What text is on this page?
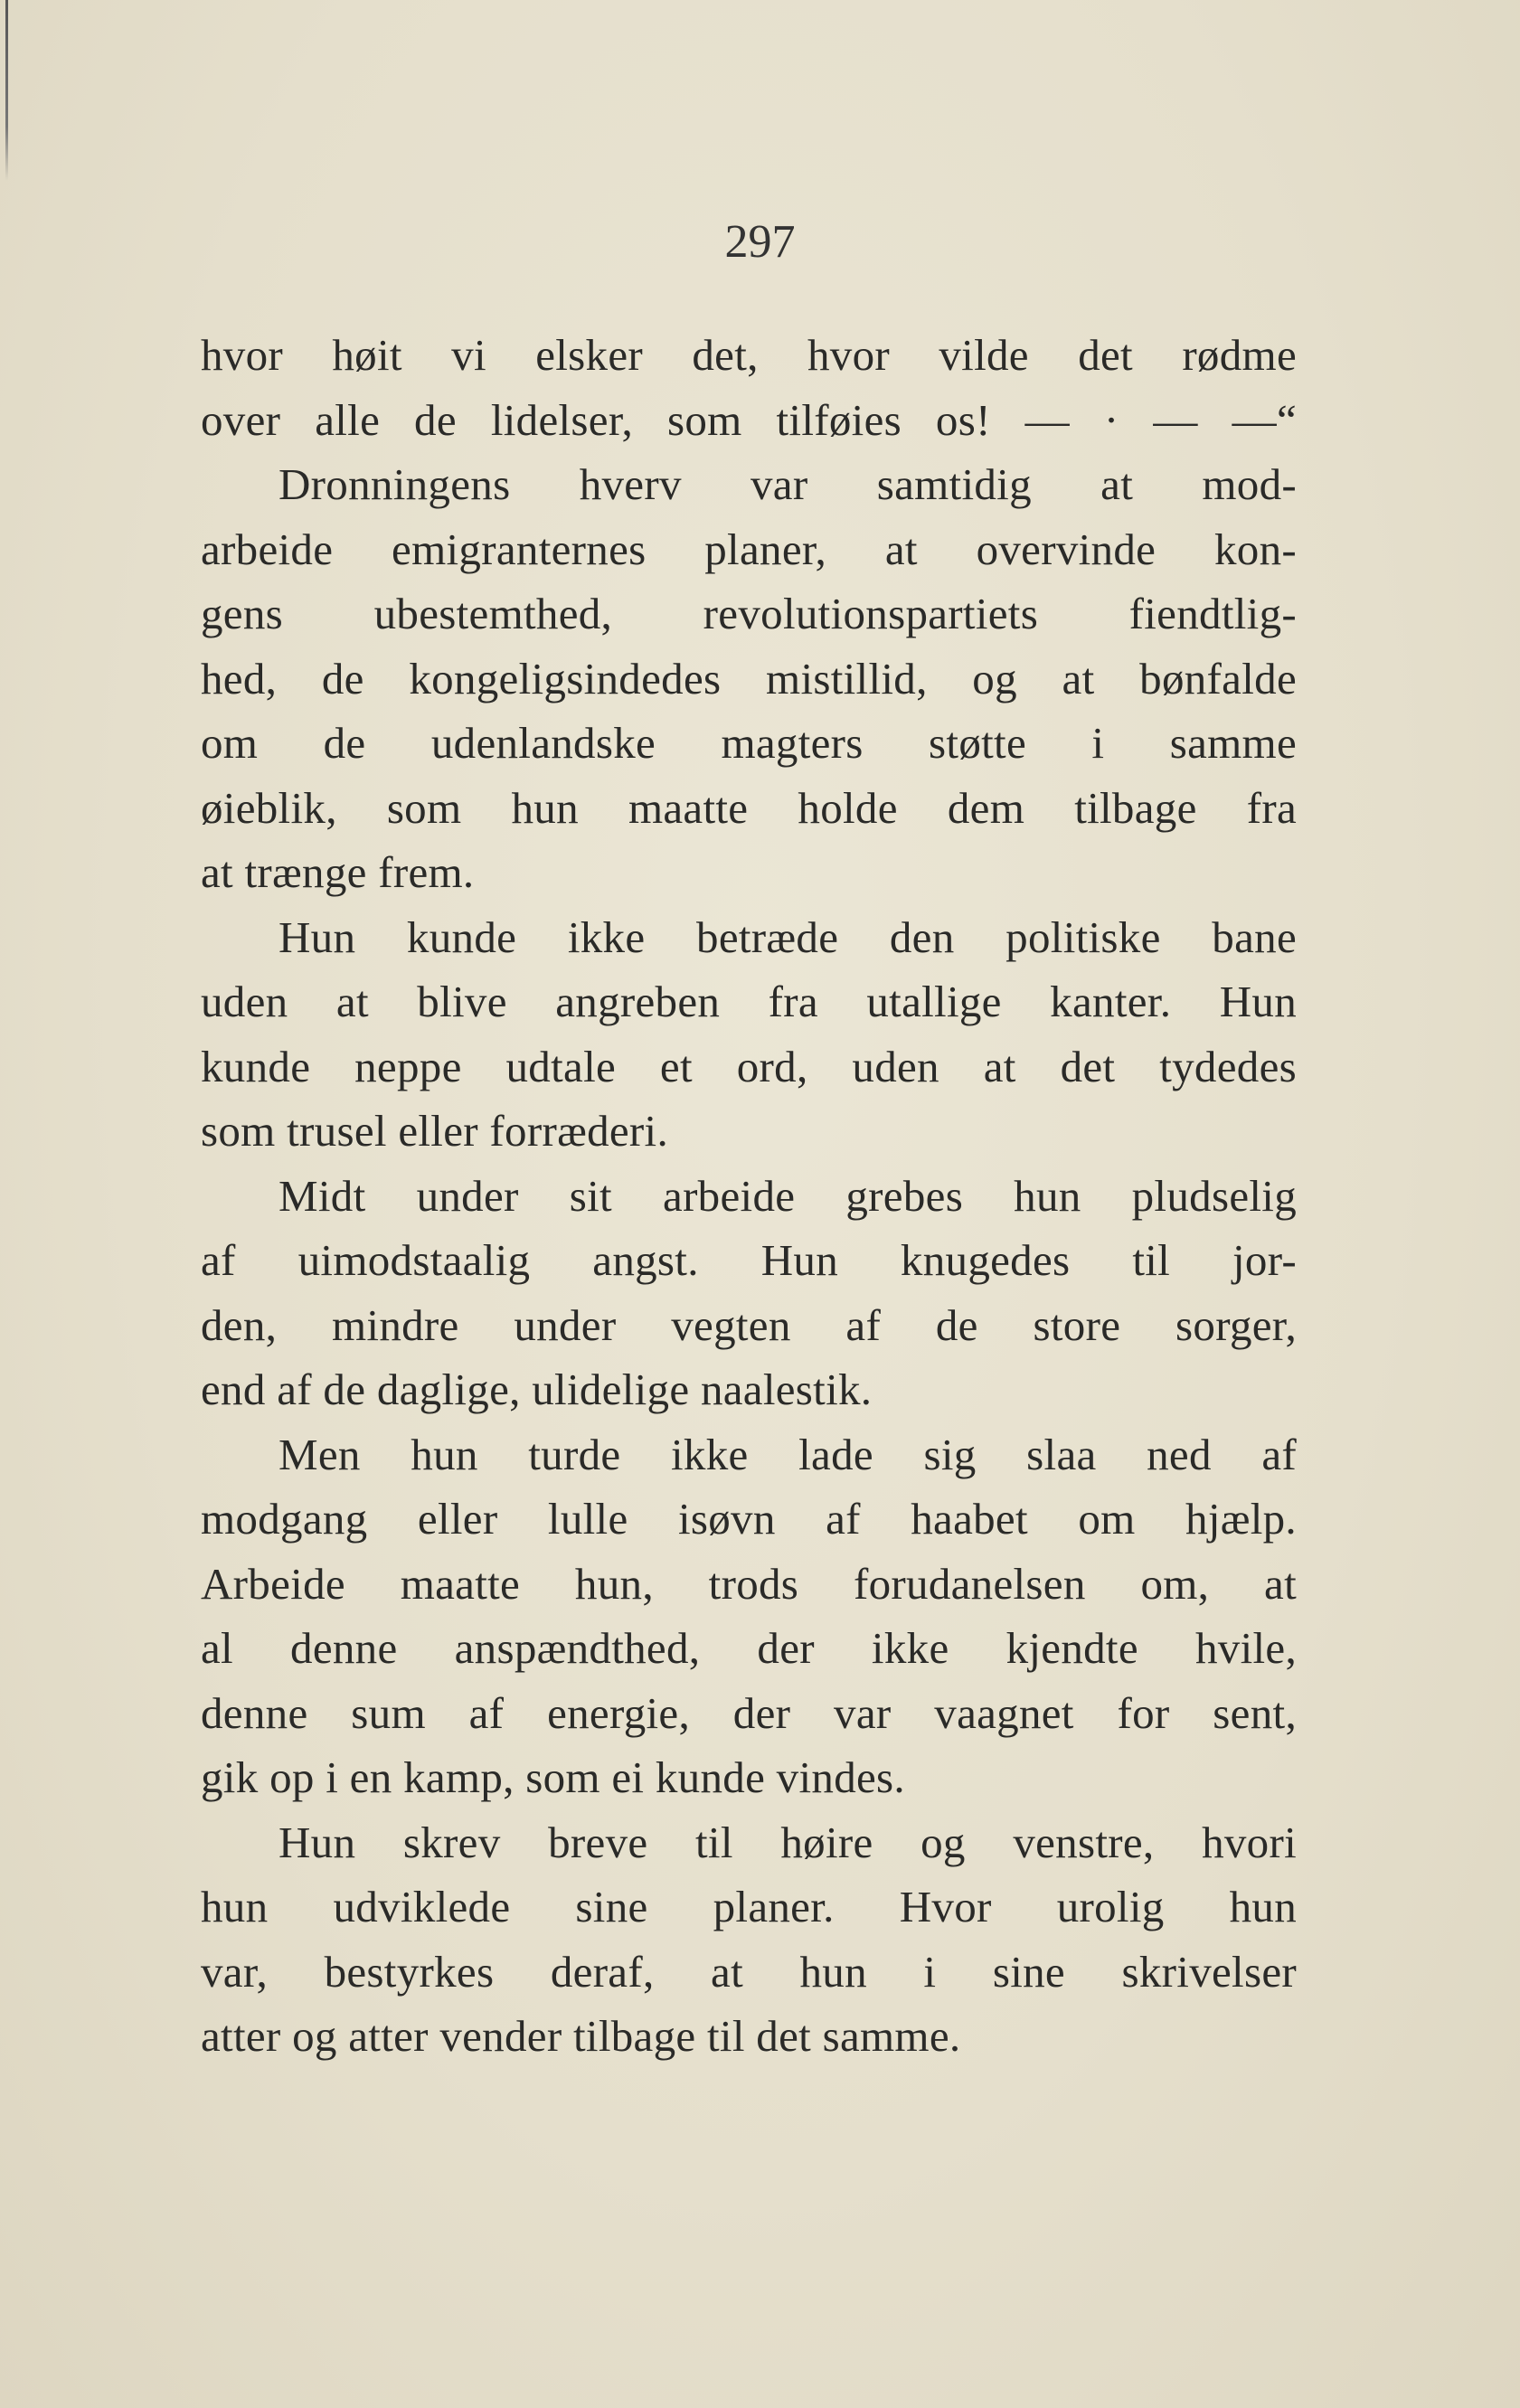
297
hvor høit vi elsker det, hvor vilde det rødme
over alle de lidelser, som tilføies os! — · — —“
Dronningens hverv var samtidig at mod-
arbeide emigranternes planer, at overvinde kon-
gens ubestemthed, revolutionspartiets fiendtlig-
hed, de kongeligsindedes mistillid, og at bønfalde
om de udenlandske magters støtte i samme
øieblik, som hun maatte holde dem tilbage fra
at trænge frem.
Hun kunde ikke betræde den politiske bane
uden at blive angreben fra utallige kanter. Hun
kunde neppe udtale et ord, uden at det tydedes
som trusel eller forræderi.
Midt under sit arbeide grebes hun pludselig
af uimodstaalig angst. Hun knugedes til jor-
den, mindre under vegten af de store sorger,
end af de daglige, ulidelige naalestik.
Men hun turde ikke lade sig slaa ned af
modgang eller lulle isøvn af haabet om hjælp.
Arbeide maatte hun, trods forudanelsen om, at
al denne anspændthed, der ikke kjendte hvile,
denne sum af energie, der var vaagnet for sent,
gik op i en kamp, som ei kunde vindes.
Hun skrev breve til høire og venstre, hvori
hun udviklede sine planer. Hvor urolig hun
var, bestyrkes deraf, at hun i sine skrivelser
atter og atter vender tilbage til det samme.
